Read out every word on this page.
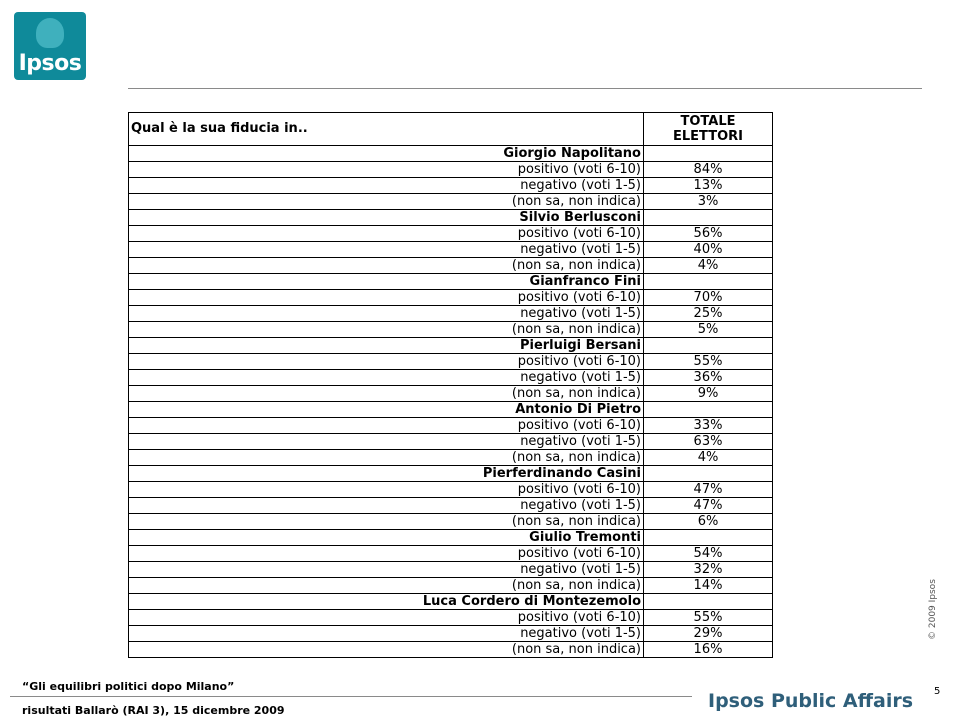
Ipsos
Qual è la sua fiducia in..	TOTALE
ELETTORI
Giorgio Napolitano	
positivo (voti 6-10)	84%
negativo (voti 1-5)	13%
(non sa, non indica)	3%
Silvio Berlusconi	
positivo (voti 6-10)	56%
negativo (voti 1-5)	40%
(non sa, non indica)	4%
Gianfranco Fini	
positivo (voti 6-10)	70%
negativo (voti 1-5)	25%
(non sa, non indica)	5%
Pierluigi Bersani	
positivo (voti 6-10)	55%
negativo (voti 1-5)	36%
(non sa, non indica)	9%
Antonio Di Pietro	
positivo (voti 6-10)	33%
negativo (voti 1-5)	63%
(non sa, non indica)	4%
Pierferdinando Casini	
positivo (voti 6-10)	47%
negativo (voti 1-5)	47%
(non sa, non indica)	6%
Giulio Tremonti	
positivo (voti 6-10)	54%
negativo (voti 1-5)	32%
(non sa, non indica)	14%
Luca Cordero di Montezemolo	
positivo (voti 6-10)	55%
negativo (voti 1-5)	29%
(non sa, non indica)	16%
© 2009 Ipsos
“Gli equilibri politici dopo Milano”
risultati Ballarò (RAI 3), 15 dicembre 2009
5
Ipsos Public Affairs
